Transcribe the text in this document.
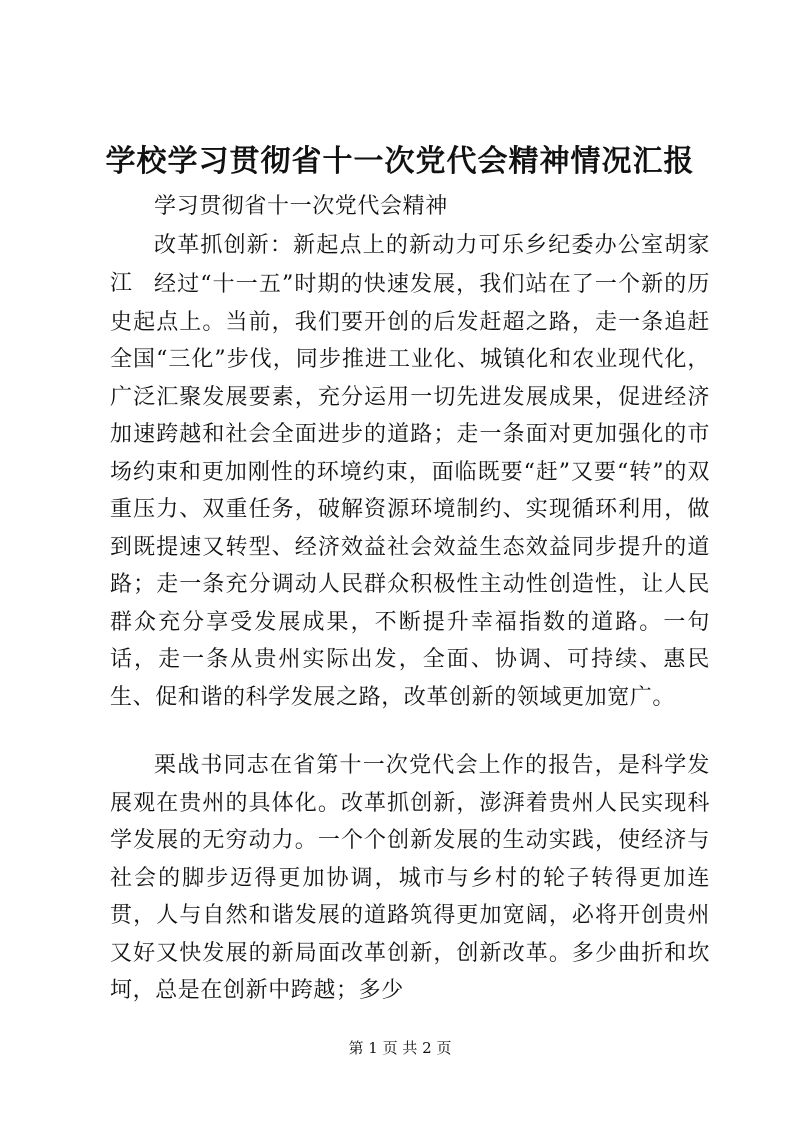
学校学习贯彻省十一次党代会精神情况汇报

学习贯彻省十一次党代会精神

改革抓创新：新起点上的新动力可乐乡纪委办公室胡家江 经过“十一五”时期的快速发展，我们站在了一个新的历史起点上。当前，我们要开创的后发赶超之路，走一条追赶全国“三化”步伐，同步推进工业化、城镇化和农业现代化，广泛汇聚发展要素，充分运用一切先进发展成果，促进经济加速跨越和社会全面进步的道路；走一条面对更加强化的市场约束和更加刚性的环境约束，面临既要“赶”又要“转”的双重压力、双重任务，破解资源环境制约、实现循环利用，做到既提速又转型、经济效益社会效益生态效益同步提升的道路；走一条充分调动人民群众积极性主动性创造性，让人民群众充分享受发展成果，不断提升幸福指数的道路。一句话，走一条从贵州实际出发，全面、协调、可持续、惠民生、促和谐的科学发展之路，改革创新的领域更加宽广。

栗战书同志在省第十一次党代会上作的报告，是科学发展观在贵州的具体化。改革抓创新，澎湃着贵州人民实现科学发展的无穷动力。一个个创新发展的生动实践，使经济与社会的脚步迈得更加协调，城市与乡村的轮子转得更加连贯，人与自然和谐发展的道路筑得更加宽阔，必将开创贵州又好又快发展的新局面改革创新，创新改革。多少曲折和坎坷，总是在创新中跨越；多少

第 1 页 共 2 页
